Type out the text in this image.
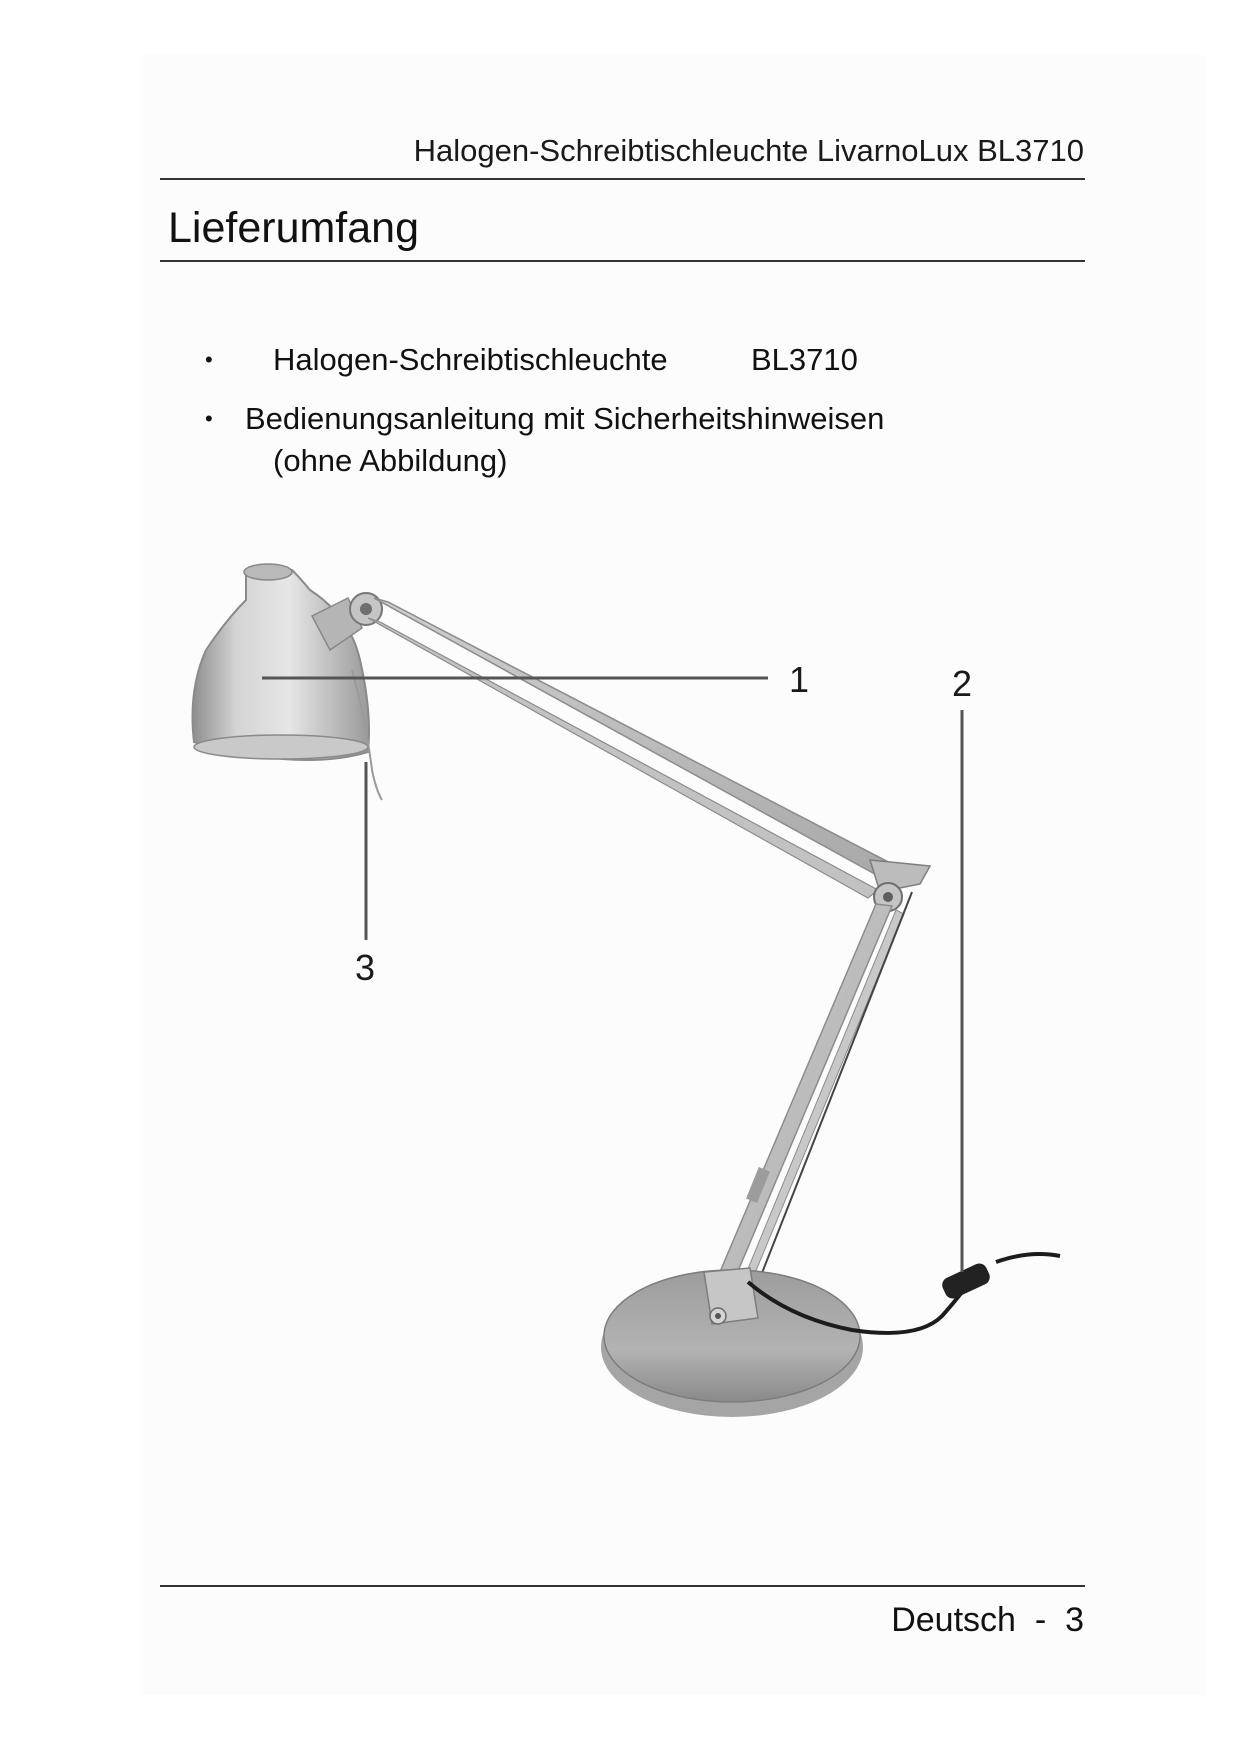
Halogen-Schreibtischleuchte LivarnoLux BL3710
Lieferumfang
• Halogen-Schreibtischleuchte	BL3710
• Bedienungsanleitung mit Sicherheitshinweisen
(ohne Abbildung)
1	2
3
Deutsch - 3
